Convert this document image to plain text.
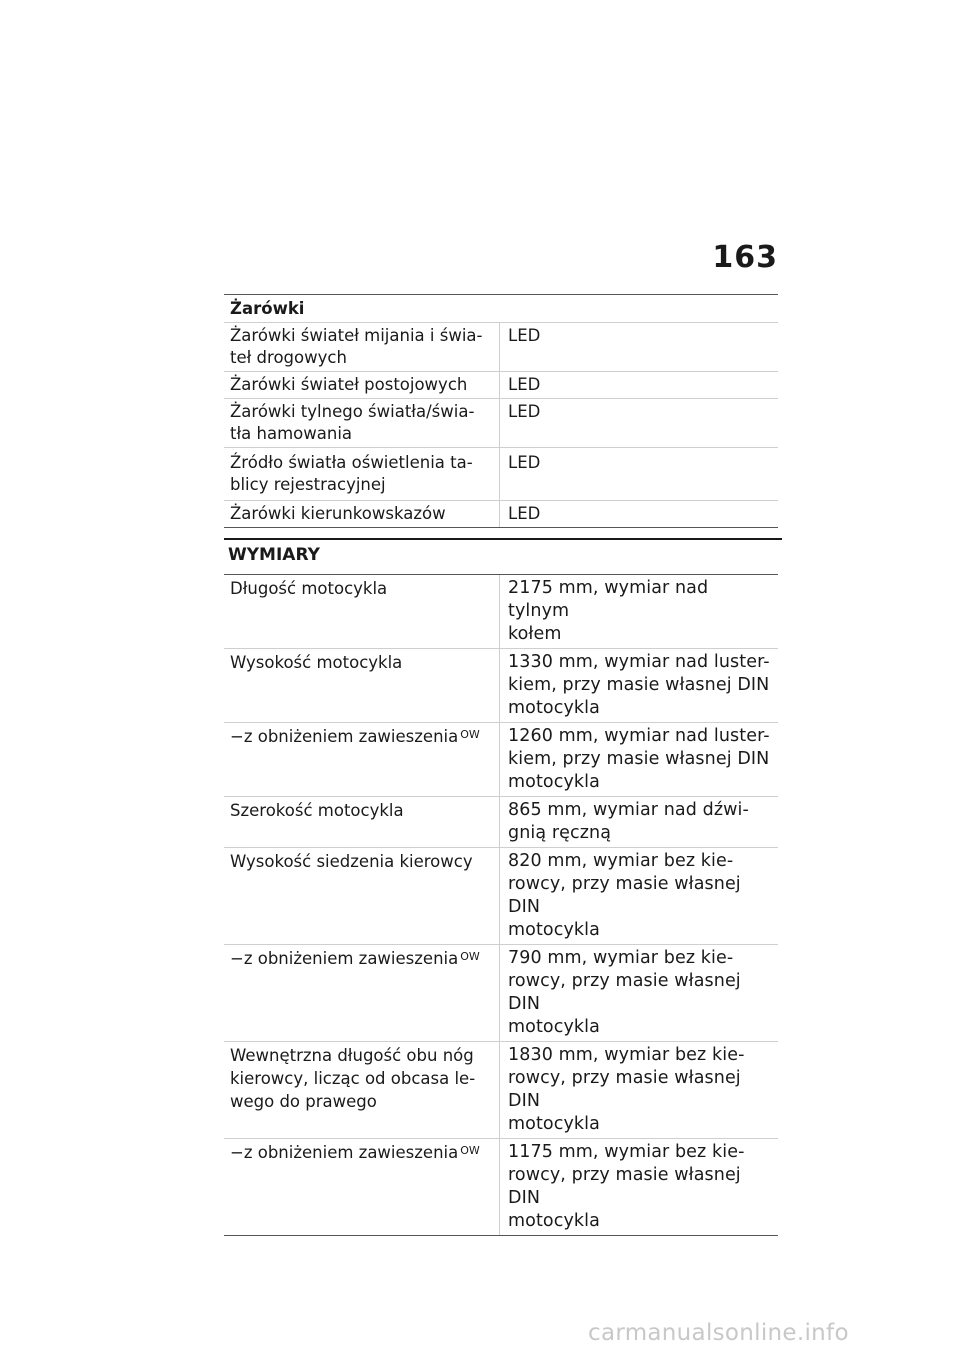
163
Żarówki
Żarówki świateł mijania i świa-
teł drogowych
LED
Żarówki świateł postojowych	LED
Żarówki tylnego światła/świa-
tła hamowania
LED
Źródło światła oświetlenia ta-
blicy rejestracyjnej
LED
Żarówki kierunkowskazów	LED
WYMIARY
Długość motocykla	2175 mm, wymiar nad tylnym
kołem
Wysokość motocykla	1330 mm, wymiar nad luster-
kiem, przy masie własnej DIN
motocykla
−z obniżeniem zawieszenia $^{OW}$	1260 mm, wymiar nad luster-
kiem, przy masie własnej DIN
motocykla
Szerokość motocykla	865 mm, wymiar nad dźwi-
gnią ręczną
Wysokość siedzenia kierowcy	820 mm, wymiar bez kie-
rowcy, przy masie własnej DIN
motocykla
−z obniżeniem zawieszenia $^{OW}$	790 mm, wymiar bez kie-
rowcy, przy masie własnej DIN
motocykla
Wewnętrzna długość obu nóg
kierowcy, licząc od obcasa le-
wego do prawego
1830 mm, wymiar bez kie-
rowcy, przy masie własnej DIN
motocykla
−z obniżeniem zawieszenia $^{OW}$	1175 mm, wymiar bez kie-
rowcy, przy masie własnej DIN
motocykla
carmanualsonline.info
